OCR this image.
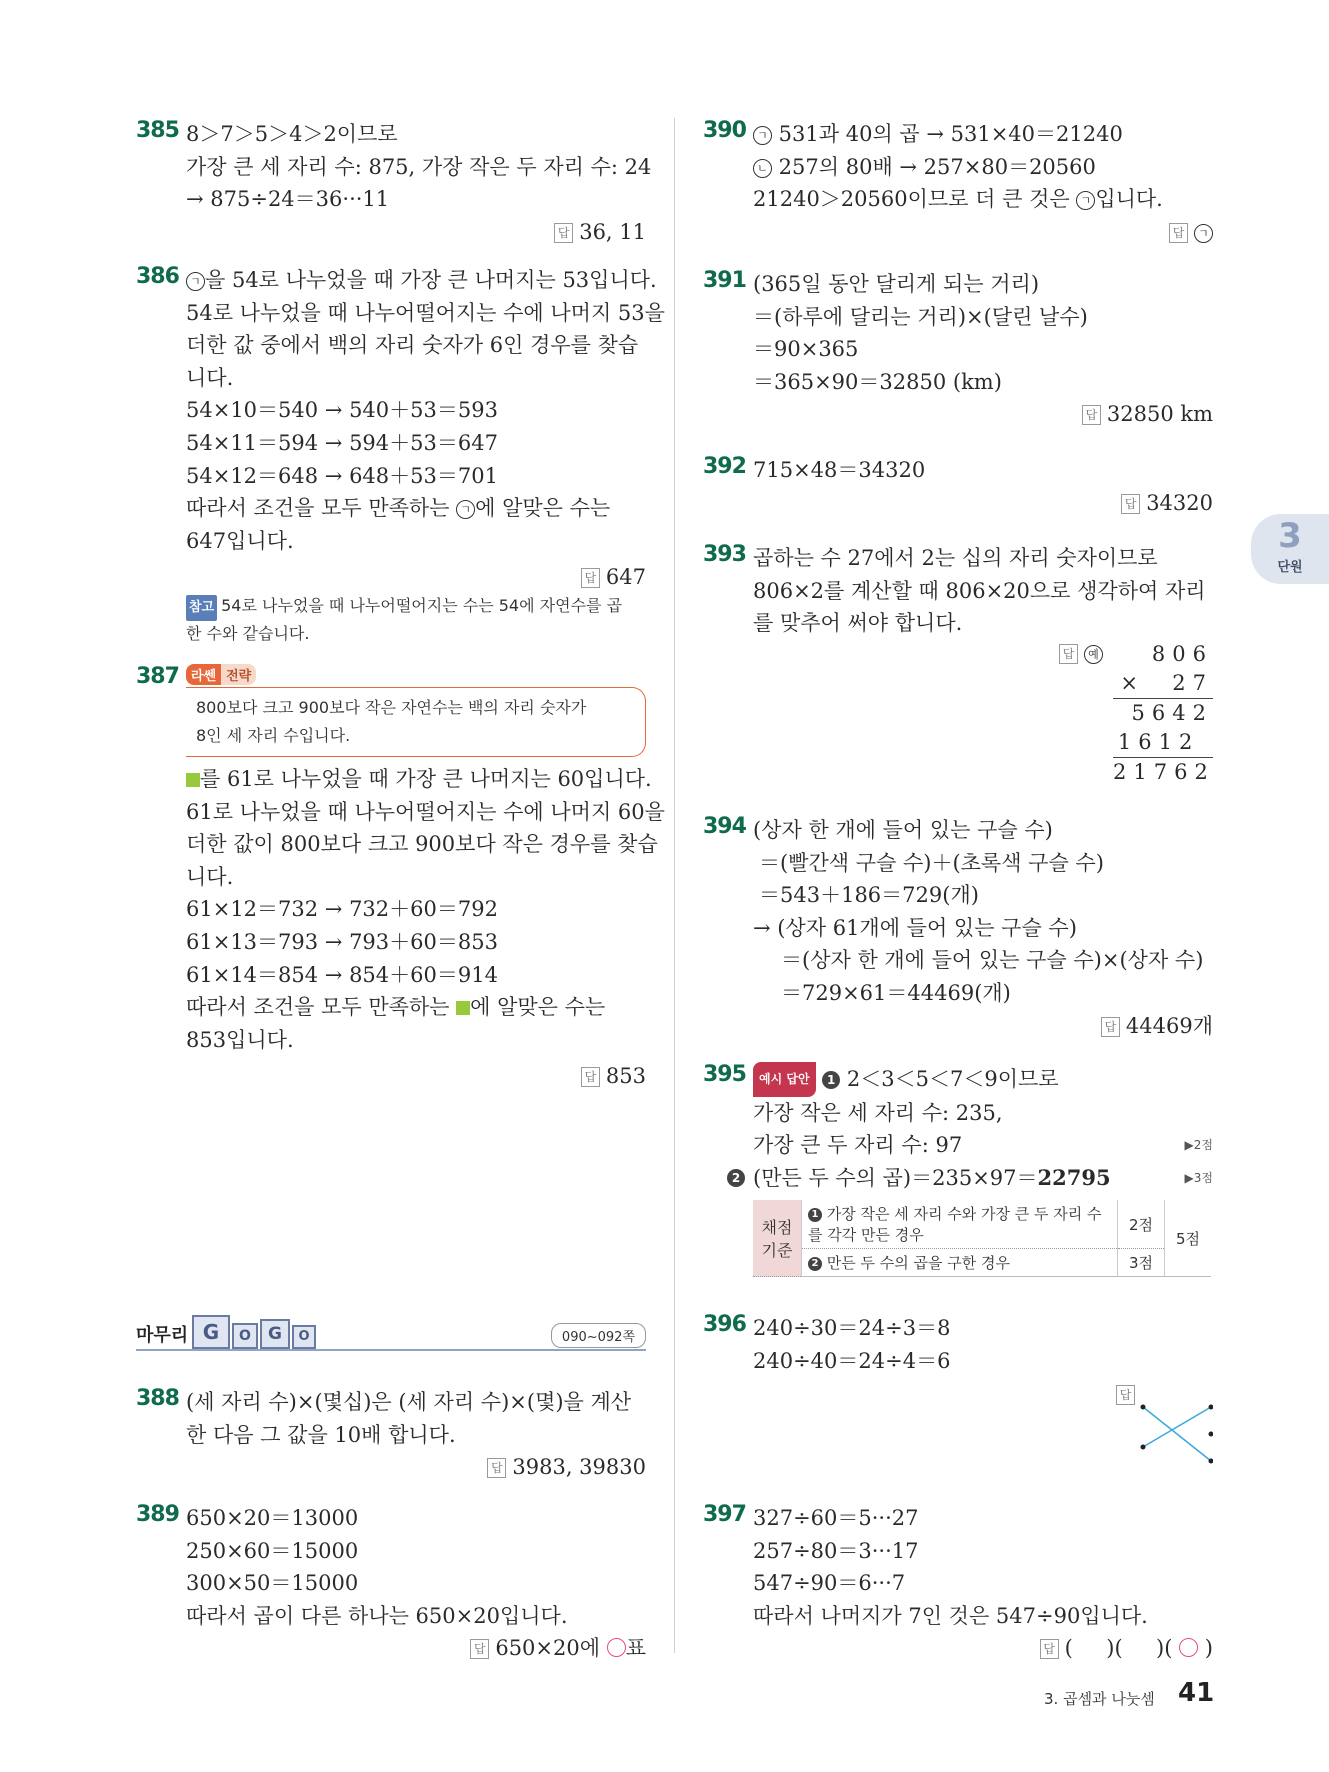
385 8＞7＞5＞4＞2이므로
가장 큰 세 자리 수: 875, 가장 작은 두 자리 수: 24
→ 875÷24＝36···11
답 36, 11
386	ㄱ 을 54로 나누었을 때 가장 큰 나머지는 53입니다.
54로 나누었을 때 나누어떨어지는 수에 나머지 53을
더한 값 중에서 백의 자리 숫자가 6인 경우를 찾습
니다.
54×10＝540 → 540＋53＝593
54×11＝594 → 594＋53＝647
54×12＝648 → 648＋53＝701
따라서 조건을 모두 만족하는 ㄱ 에 알맞은 수는
647입니다.
답 647
참고 54로 나누었을 때 나누어떨어지는 수는 54에 자연수를 곱
한 수와 같습니다.
387 라쎈 전략
800보다 크고 900보다 작은 자연수는 백의 자리 숫자가
8인 세 자리 수입니다.
를 61로 나누었을 때 가장 큰 나머지는 60입니다.
61로 나누었을 때 나누어떨어지는 수에 나머지 60을
더한 값이 800보다 크고 900보다 작은 경우를 찾습
니다.
61×12＝732 → 732＋60＝792
61×13＝793 → 793＋60＝853
61×14＝854 → 854＋60＝914
따라서 조건을 모두 만족하는 에 알맞은 수는
853입니다.
답 853
마무리 G	O	G	O	090~092쪽
388 (세 자리 수)×(몇십)은 (세 자리 수)×(몇)을 계산
한 다음 그 값을 10배 합니다.
답 3983, 39830
389 650×20＝13000
250×60＝15000
300×50＝15000
따라서 곱이 다른 하나는 650×20입니다.
답 650×20에 ○표
390	ㄱ 531과 40의 곱 → 531×40＝21240
ㄴ 257의 80배 → 257×80＝20560
21240＞20560이므로 더 큰 것은 ㄱ 입니다.
답 ㄱ
391 (365일 동안 달리게 되는 거리)
＝(하루에 달리는 거리)×(달린 날수)
＝90×365
＝365×90＝32850 (km)
답 32850 km
392 715×48＝34320
답 34320
393 곱하는 수 27에서 2는 십의 자리 숫자이므로
806×2를 계산할 때 806×20으로 생각하여 자리
를 맞추어 써야 합니다.
답 예	806
×  27
5642
1612
21762
394 (상자 한 개에 들어 있는 구슬 수)
＝(빨간색 구슬 수)＋(초록색 구슬 수)
＝543＋186＝729(개)
→ (상자 61개에 들어 있는 구슬 수)
＝(상자 한 개에 들어 있는 구슬 수)×(상자 수)
＝729×61＝44469(개)
답 44469개
395	예시 답안 1 2＜3＜5＜7＜9이므로
가장 작은 세 자리 수: 235,
가장 큰 두 자리 수: 97	▶2점
2 (만든 두 수의 곱)＝235×97＝22795	▶3점
채점 기준	1 가장 작은 세 자리 수와 가장 큰 두 자리 수를 각각 만든 경우	2점	5점
	2 만든 두 수의 곱을 구한 경우	3점	
396 240÷30＝24÷3＝8
240÷40＝24÷4＝6
답
397 327÷60＝5···27
257÷80＝3···17
547÷90＝6···7
따라서 나머지가 7인 것은 547÷90입니다.
답 ( )( )( ○ )
3
단원
3. 곱셈과 나눗셈 41
